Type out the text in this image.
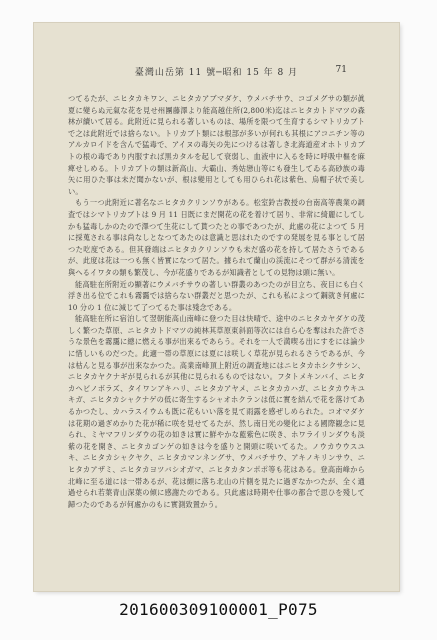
臺灣山岳第 11 號─昭和 15 年 8 月	71

つてるたが、ニヒタカキワン、ニヒタカアブマダケ、ウメバチサウ、コゴメグサの類が眞夏に變らぬ元氣な花を見せ州團藤澤より能高越住所(2,800米)迄はニヒタカトドマツの森林が續いて居る。此附近に見られる著しいものは、場所を限つて生育するシマトリカブトで之は此附近では捨らない。トリカブト類には根部が多いが何れも其根にアコニチン等のアルカロイドを含んで猛毒で、アイヌの毒矢の先につけるは著しき北海道産オホトリカブトの根の毒であり内服すれば黒カタルを起して衰弱し、血液中に入るを時に呼吸中樞を麻痺せしめる。トリカブトの類は新高山、大霸山、秀姑戀山等にも發生してゐる高砂族の毒矢に用ひた事は未だ聞かないが、根は變用としても用ひられ花は紫色、烏帽子状で美しい。

もう一つ此附近に著名なニヒタカクリンソウがある。松室鈴吉教授の台南高等農業の調査ではシマトリカブトは 9 月 11 日既にまだ開花の花を着けて居り、非常に綺麗にしてしかも猛毒しかのたので澤つて生花にして貰つたとの事であつたが、此處の花によつて 5 月に採蒐される事は尚なしとなつてあたのは意識と思はれたのですの発展を見る事として居つた吃度である。但其發端はニヒタカクリンソウも未だ盛の花を持して居たさうであるが、此度は花は一つも無く皆實になつて居た。據られて蘭山の渓流にそつて群がる清流を與へるイワタの類も繁茂し、今が花盛りであるが知識者としての見物は頭に無い。

能高駐在所附近の顯著にウメバチサウの著しい群叢のあつたのが目立ち、夜目にも白く浮き出る位でこれも霧靄では捨らない群叢だと思つたが、これも私によつて鋼就き何處に 10 分の 1 位に減じて了つてるた事は殘念である。

能高駐在所に宿泊して翌朝能高山南峰に登つた目は快晴で、途中のニヒタカヤダケの茂しく繁つた草原、ニヒタカトドマツの純林其草原東斜面等次には自ら心を奪はれた許でさうな景色を霧靄に總に燃える事が出來るであらう。それを一人で満喫る出にすをには論少に惜しいものだつた。此適一帯の草原には夏には咲しく草花が見られるさうであるが、今は枯んと見る事が出來なかつた。高業南峰頂上附近の調査地にはニヒタカホシクサシン、ニヒタカヤクナギが見られるが其他に見られるものではない。フタトメキンバイ、ニヒタカヘビノボラズ、タイワンアキハリ、ニヒタカアヤメ、ニヒタカカハガ、ニヒタカウキユキガ、ニヒタカシャクナゲの低に寄生するシャオホクランは低に實を結んで花を落けてあるかつたし、カハラスイウムも既に花もいい落を見て雨露を感ぜしめられた。コオマダケは花期の過ぎめかりた花が稀に咲を見せてるたが、然し南日光の變化による國際観念に見られ、ミヤマフリンダウの花の如きは實に鮮やかな藍紫色に咲き、ホワライリンダウも淡紫の花を開き、ニヒタカゴンゲの如きは今を盛りと開頭に咲いてるた。ノウカウウスユキ、ニヒタカシャクヤク、ニヒタカマンネングサ、ウメバチサウ、アキノキリンサウ、ニヒタカアザミ、ニヒタカヨツバシオガマ、ニヒタカタンポポ等も花はある。登高南峰から北峰に至る道には一帯あるが、花は頗に落ち北山の片側を見たに過ぎなかつたが、全く通過せられ若葉青山深葉の傾に感謝たのである。只此處は時期や仕事の都合で思ひを殘して歸つたのであるが何處かのもに實測致置かう。

201600309100001_P075
